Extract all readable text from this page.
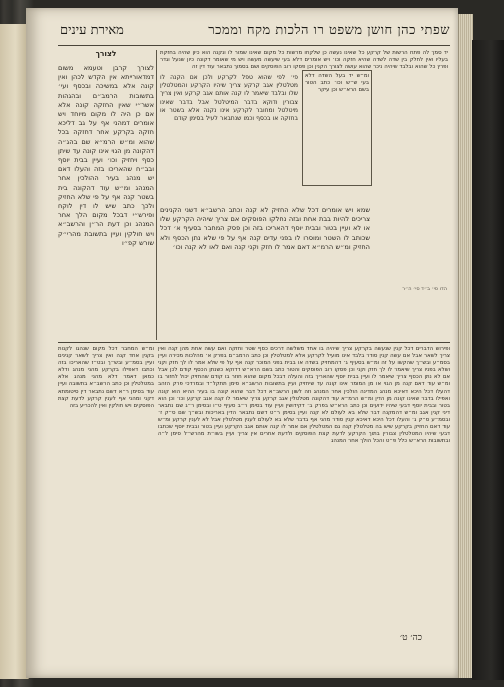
שפתי כהן חושן משפט רו הלכות מקח וממכר
מאירת עינים
יד סמך לה פתח הרשות של קרקע כל שאינו נעשה כן שלקחו מרשות כל מקום שאינו שמור לו ונקנה הוא כיון שהיה בחזקת בעליו ואין לחלק בין שדה לשדה שהיא חזקה וכו׳ ויש אומרים דלא בעי שיעשה מעשה ויש מי שאומר דקונה כיון שנעל וגדר ופרץ כל שהוא ובלבד שיהיה ניכר שהוא עושה לצורך הקנין וכן פסקו רוב הפוסקים ושם בסמוך נתבאר עוד דין זה
ומ״ש יד בעל השדה דלא בעי ש״ש וכו׳ כתב הטור בשם הרא״ש וכן עיקר
פי׳ לפי שהוא טפל לקרקע ולכן אם הקנה לו מטלטלין אגב קרקע צריך שיהיו הקרקע והמטלטלין שלו ובלבד שיאמר לו קנה אותם אגב קרקע ואין צריך צבורין ודוקא בדבר המיטלטל אבל בדבר שאינו מיטלטל ומחובר לקרקע אינו נקנה אלא בשטר או בחזקה או בכסף וכמו שנתבאר לעיל בסימן קודם
לצורך
לצורך קרבן וטעמא משום דמדאורייתא אין הקדש לכהן ואין קונה אלא במשיכה ובכסף ועי׳ בתשובות הרמב״ם ובהגהות אשר״י שאין החזקה קונה אלא אם כן היה לו מקום מיוחד ויש אומרים דמהני אף על גב דליכא חזקה בקרקע אחר דחזקה בכל שהוא ומ״ש הרמ״א שם בהג״ה דהקונה מן הגוי אינו קונה עד שיתן כסף ויחזיק וכו׳ ועיין בבית יוסף ובב״ח שהאריכו בזה והעלו דאם יש מנהג בעיר ההולכין אחר המנהג ומ״ש עוד דהקונה בית בשטר קנה אף על פי שלא החזיק ולכך כתב שיש לו דין לוקח ופירש״י דבכל מקום הלך אחר המנהג וכן דעת הר״ן והרשב״א ויש חולקין ועיין בתשובת מהרי״ק שורש קפ״ו
שמא ויש אומרים דכל שלא החזיק לא קנה וכתב הרשב״א דשני הקנינים צריכים להיות בבת אחת ובזה נחלקו הפוסקים אם צריך שיהיה הקרקע שלו או לא ועיין בטור ובבית יוסף דהאריכו בזה וכן פסק המחבר בסעיף א׳ דכל שכותב לו השטר ומוסרו לו בפני עדים קנה אף על פי שלא נתן הכסף ולא החזיק ומ״ש הרמ״א דאם אמר לו חזק וקני קנה ואם לאו לא קנה וכו׳
הדו סי׳ ב״ד סי׳ ה״ר
ופירוש הדברים דכל קנין שנעשה בקרקע צריך שיהיה בו אחד משלשה דרכים כסף שטר וחזקה ואם עשה אחת מהן קנה ואין צריך לשאר אבל אם עשה קנין סודר בלבד אינו מועיל לקרקע אלא למטלטלין וכן כתב הרמב״ם בפרק א׳ מהלכות מכירה ועיין בסמ״ע ובש״ך שהקשו על זה ומ״ש בסעיף ג׳ דהמחזיק בשדה או בבית בפני המוכר קנה אף על פי שלא אמר לו לך חזק וקני ושלא בפניו צריך שיאמר לו לך חזק וקני וכן פסקו רוב הפוסקים והטור כתב בשם הרא״ש דדוקא כשנתן הכסף קודם לכן אבל אם לא נתן הכסף צריך שיאמר לו ועיין בבית יוסף שהאריך בזה והעלה דבכל מקום שהוא חוזר בו קודם שהחזיק יכול לחזור בו ומ״ש עוד דאם קנה מן הגוי או מן המומר אינו קונה עד שיחזיק ועיין בתשובות הרשב״א סימן תתקל״ד ובמרדכי פרק הזהב דהעלו דכל היכא דאיכא מנהג המדינה הולכין אחר המנהג וזה לשון הרשב״א דכל דבר שהוא קונה בו בעיר ההיא הוא קונה ואפילו בדבר שאינו קונה מן הדין ומ״ש הרמ״א עוד דהקונה מטלטלין אגב קרקע צריך שיאמר לו קנה אגב קרקע וכו׳ וכן הוא בטור ובבית יוסף דבעי שיהיו ידועים וכן כתב הרא״ש בפרק ב׳ דקידושין ועיין עוד בסימן ר״ב סעיף ט״ו ובסימן ר״ג שם נתבאר דיני קנין אגב ומ״ש דהמקנה דבר שלא בא לעולם לא קנה ועיין בסימן ר״ט דשם נתבאר הדין באריכות ובש״ך שם ס״ק ז׳ ובסמ״ע ס״ק ג׳ והעלו דכל היכא דאיכא קנין סודר מהני אף בדבר שלא בא לעולם לענין מטלטלין אבל לא לענין קרקע ומ״ש עוד דאם החזיק בקרקע שיש בה מטלטלין קנה גם המטלטלין אם אמר לו קנה אותם אגב הקרקע ועיין בטור ובבית יוסף שכתבו דבעי שיהיו המטלטלין צבורין בתוך הקרקע לדעת קצת הפוסקים ולדעת אחרים אין צריך ועיין בשו״ת מהרש״ל סימן ל״ה ובתשובות הרא״ש כלל פ״ט והכל הולך אחר המנהג
ומ״ש המחבר דכל מקום שנהגו לקנות בקנין אחד קנה ואין צריך לשאר קנינים ועיין בסמ״ע ובש״ך ובט״ז שהאריכו בזה וכתבו דאפילו בקרקע מהני מנהג ודלא כמאן דאמר דלא מהני מנהג אלא במטלטלין וכן כתב הרשב״א בתשובה ועיין עוד בסימן ר״א דשם נתבאר דין סיטומתא דקני ומהני אף לענין קרקע לדעת קצת הפוסקים ויש חולקין ואין להכריע בזה
כה׳ ט׳
